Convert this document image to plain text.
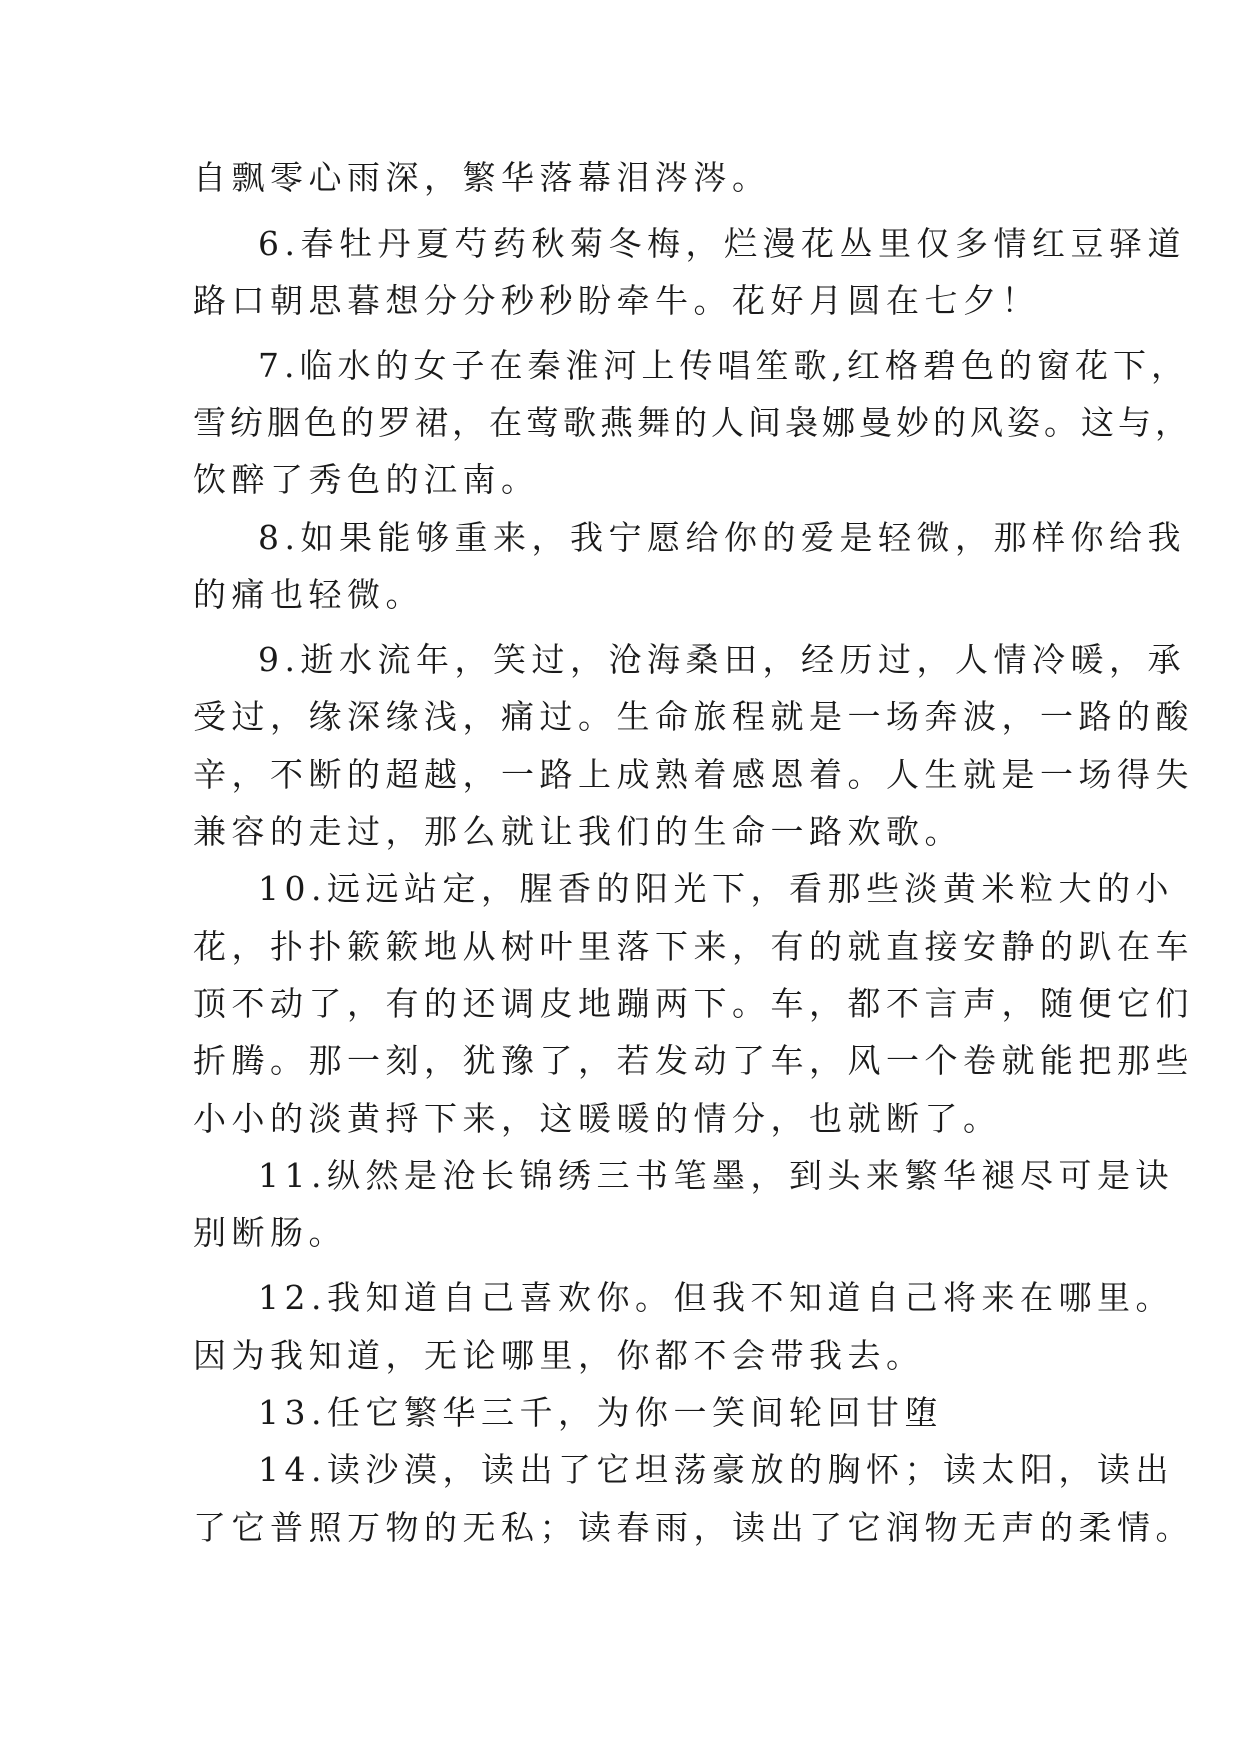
自飘零心雨深，繁华落幕泪涔涔。
6.春牡丹夏芍药秋菊冬梅，烂漫花丛里仅多情红豆驿道
路口朝思暮想分分秒秒盼牵牛。花好月圆在七夕！
7.临水的女子在秦淮河上传唱笙歌,红格碧色的窗花下，
雪纺胭色的罗裙，在莺歌燕舞的人间袅娜曼妙的风姿。这与，
饮醉了秀色的江南。
8.如果能够重来，我宁愿给你的爱是轻微，那样你给我
的痛也轻微。
9.逝水流年，笑过，沧海桑田，经历过，人情冷暖，承
受过，缘深缘浅，痛过。生命旅程就是一场奔波，一路的酸
辛，不断的超越，一路上成熟着感恩着。人生就是一场得失
兼容的走过，那么就让我们的生命一路欢歌。
10.远远站定，腥香的阳光下，看那些淡黄米粒大的小
花，扑扑簌簌地从树叶里落下来，有的就直接安静的趴在车
顶不动了，有的还调皮地蹦两下。车，都不言声，随便它们
折腾。那一刻，犹豫了，若发动了车，风一个卷就能把那些
小小的淡黄捋下来，这暖暖的情分，也就断了。
11.纵然是沧长锦绣三书笔墨，到头来繁华褪尽可是诀
别断肠。
12.我知道自己喜欢你。但我不知道自己将来在哪里。
因为我知道，无论哪里，你都不会带我去。
13.任它繁华三千，为你一笑间轮回甘堕
14.读沙漠，读出了它坦荡豪放的胸怀；读太阳，读出
了它普照万物的无私；读春雨，读出了它润物无声的柔情。
